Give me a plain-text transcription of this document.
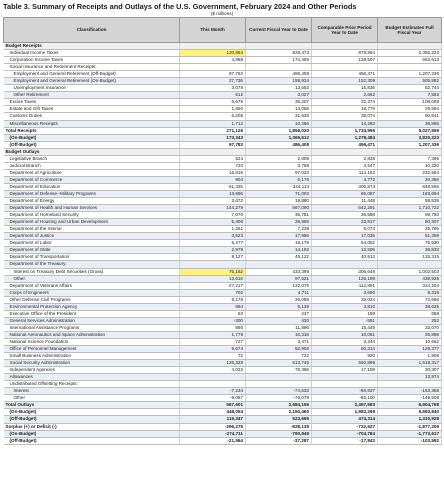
Table 3. Summary of Receipts and Outlays of the U.S. Government, February 2024 and Other Periods
($ millions)
Classification	This Month	Current Fiscal Year to Date	Comparable Prior Period Year to Date	Budget Estimates Full Fiscal Year
Budget Receipts				
Individual Income Taxes	120,884	928,473	878,884	2,355,223
Corporation Income Taxes	4,888	174,465	128,507	663,613
Social Insurance and Retirement Receipts:				
Employment and General Retirement (Off-Budget)	97,763	486,408	456,471	1,207,336
Employment and General Retirement (On-Budget)	27,736	159,934	152,309	505,882
Unemployment Insurance	3,078	13,553	15,836	52,744
Other Retirement	612	3,027	2,662	7,592
Excise Taxes	6,675	35,207	32,374	108,069
Estate and Gift Taxes	1,550	13,058	18,779	29,594
Customs Duties	6,208	31,628	35,074	60,641
Miscellaneous Receipts	1,712	10,266	14,283	36,865
Total Receipts	271,126	1,856,020	1,734,955	5,027,559
(On-Budget)	173,343	1,369,612	1,278,484	3,820,223
(Off-Budget)	97,783	486,408	456,471	1,207,336
Budget Outlays				
Legislative Branch	524	2,805	2,835	7,396
Judicial Branch	720	3,758	3,547	10,220
Department of Agriculture	16,819	97,023	114,182	232,584
Department of Commerce	904	5,176	4,772	20,356
Department of Education	61,335	344,113	306,874	848,565
Department of Defense--Military Programs	13,696	71,003	86,087	183,694
Department of Energy	3,672	19,880	11,448	58,539
Department of Health and Human Services	144,279	667,090	642,291	1,710,722
Department of Homeland Security	7,070	35,781	36,588	99,793
Department of Housing and Urban Development	5,406	26,999	23,817	80,307
Department of the Interior	1,261	7,238	6,073	25,765
Department of Justice	3,523	17,856	17,035	51,359
Department of Labor	5,277	19,179	54,052	76,630
Department of State	2,979	14,193	12,505	36,833
Department of Transportation	8,127	45,122	40,513	125,315
Department of the Treasury:				
Interest on Treasury Debt Securities (Gross)	76,162	433,369	306,648	1,002,503
Other	13,616	97,521	125,199	438,925
Department of Veterans Affairs	27,217	122,076	112,891	324,204
Corps of Engineers	702	4,711	3,690	8,316
Other Defense Civil Programs	8,178	26,059	25,024	72,668
Environmental Protection Agency	994	5,139	3,810	38,625
Executive Office of the President	53	237	199	658
General Services Administration	-300	430	-551	252
International Assistance Programs	866	11,896	15,449	33,070
National Aeronautics and Space Administration	1,779	10,316	10,081	25,896
National Science Foundation	727	3,471	3,244	10,652
Office of Personnel Management	9,674	52,902	50,314	129,377
Small Business Administration	72	732	920	1,906
Social Security Administration	126,328	613,745	560,899	1,518,317
Independent Agencies	4,022	78,396	17,108	30,307
Allowances				13,974
Undistributed Offsetting Receipts:				
Interest	-7,234	-74,533	-66,837	-163,356
Other	-9,087	-76,079	-65,100	-149,506
Total Outlays	567,601	2,684,155	2,457,583	6,904,768
(On-Budget)	448,054	2,160,460	1,983,269	5,593,840
(Off-Budget)	119,347	523,695	474,314	1,310,928
Surplus (+) or Deficit (-)	-296,275	-828,135	-722,627	-1,877,209
(On-Budget)	-274,711	-790,848	-704,784	-1,773,617
(Off-Budget)	-21,564	-37,287	-17,843	-103,592
